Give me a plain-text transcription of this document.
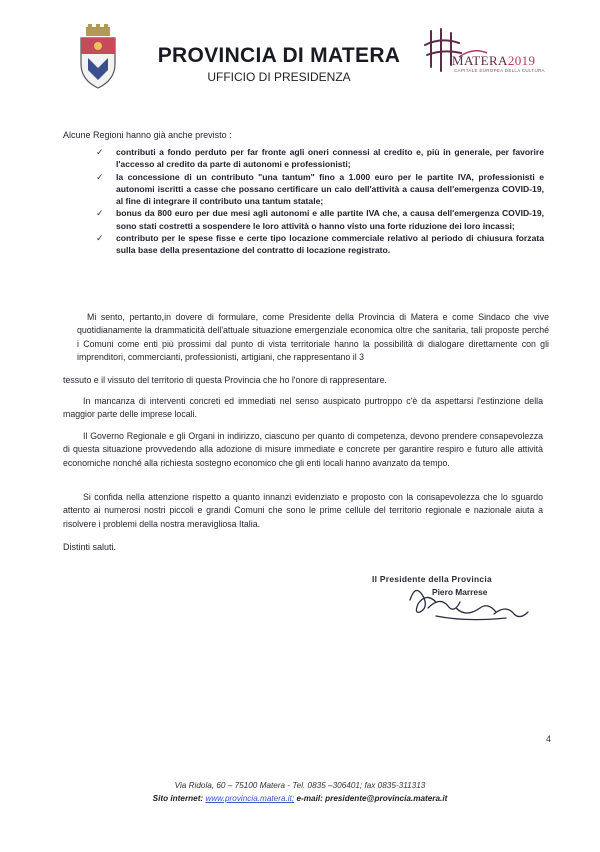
PROVINCIA DI MATERA
UFFICIO DI PRESIDENZA
MATERA2019
CAPITALE EUROPEA DELLA CULTURA
Alcune Regioni hanno già anche previsto :
✓ contributi a fondo perduto per far fronte agli oneri connessi al credito e, più in generale, per favorire l'accesso al credito da parte di autonomi e professionisti;
✓ la concessione di un contributo "una tantum" fino a 1.000 euro per le partite IVA, professionisti e autonomi iscritti a casse che possano certificare un calo dell'attività a causa dell'emergenza COVID-19, al fine di integrare il contributo una tantum statale;
✓ bonus da 800 euro per due mesi agli autonomi e alle partite IVA che, a causa dell'emergenza COVID-19, sono stati costretti a sospendere le loro attività o hanno visto una forte riduzione dei loro incassi;
✓ contributo per le spese fisse e certe tipo locazione commerciale relativo al periodo di chiusura forzata sulla base della presentazione del contratto di locazione registrato.
Mi sento, pertanto,in dovere di formulare, come Presidente della Provincia di Matera e come Sindaco che vive quotidianamente la drammaticità dell'attuale situazione emergenziale economica oltre che sanitaria, tali proposte perché i Comuni come enti più prossimi dal punto di vista territoriale hanno la possibilità di dialogare direttamente con gli imprenditori, commercianti, professionisti, artigiani, che rappresentano il 3
tessuto e il vissuto del territorio di questa Provincia che ho l'onore di rappresentare.
In mancanza di interventi concreti ed immediati nel senso auspicato purtroppo c'è da aspettarsi l'estinzione della maggior parte delle imprese locali.
Il Governo Regionale e gli Organi in indirizzo, ciascuno per quanto di competenza, devono prendere consapevolezza di questa situazione provvedendo alla adozione di misure immediate e concrete per garantire respiro e futuro alle attività economiche nonché alla richiesta sostegno economico che gli enti locali hanno avanzato da tempo.
Si confida nella attenzione rispetto a quanto innanzi evidenziato e proposto con la consapevolezza che lo sguardo attento ai numerosi nostri piccoli e grandi Comuni che sono le prime cellule del territorio regionale e nazionale aiuta a risolvere i problemi della nostra meravigliosa Italia.
Distinti saluti.
Il Presidente della Provincia
Piero Marrese
4
Via Ridola, 60 – 75100 Matera - Tel. 0835 –306401; fax 0835-311313
Sito internet: www.provincia.matera.it; e-mail: presidente@provincia.matera.it
